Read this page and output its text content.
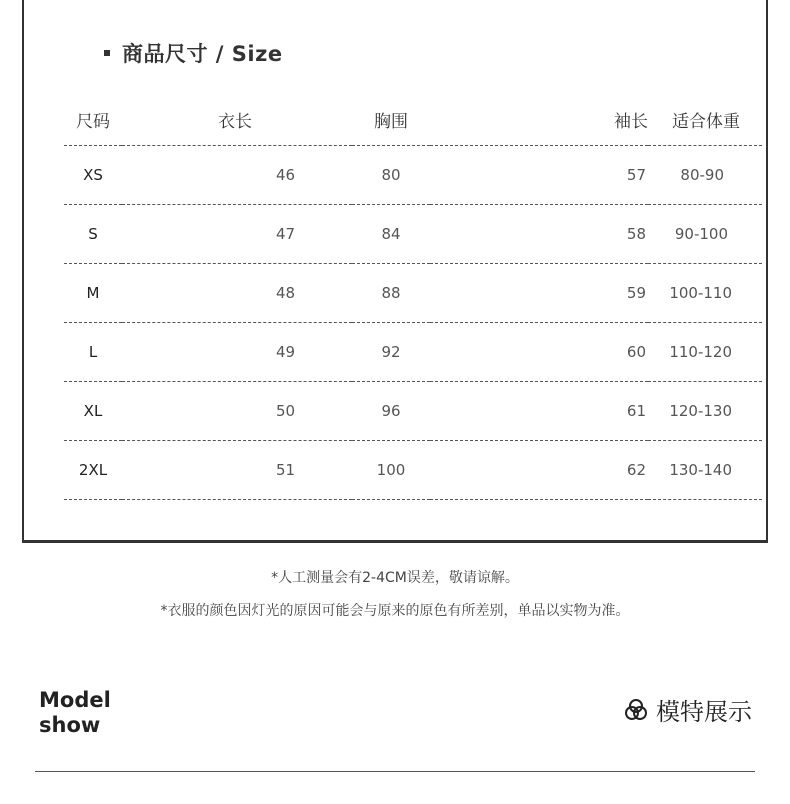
商品尺寸 / Size
尺码	衣长	胸围	袖长	适合体重
XS	46	80	57	80-90
S	47	84	58	90-100
M	48	88	59	100-110
L	49	92	60	110-120
XL	50	96	61	120-130
2XL	51	100	62	130-140
*人工测量会有2-4CM误差，敬请谅解。
*衣服的颜色因灯光的原因可能会与原来的原色有所差别，单品以实物为准。
Model
show	模特展示
